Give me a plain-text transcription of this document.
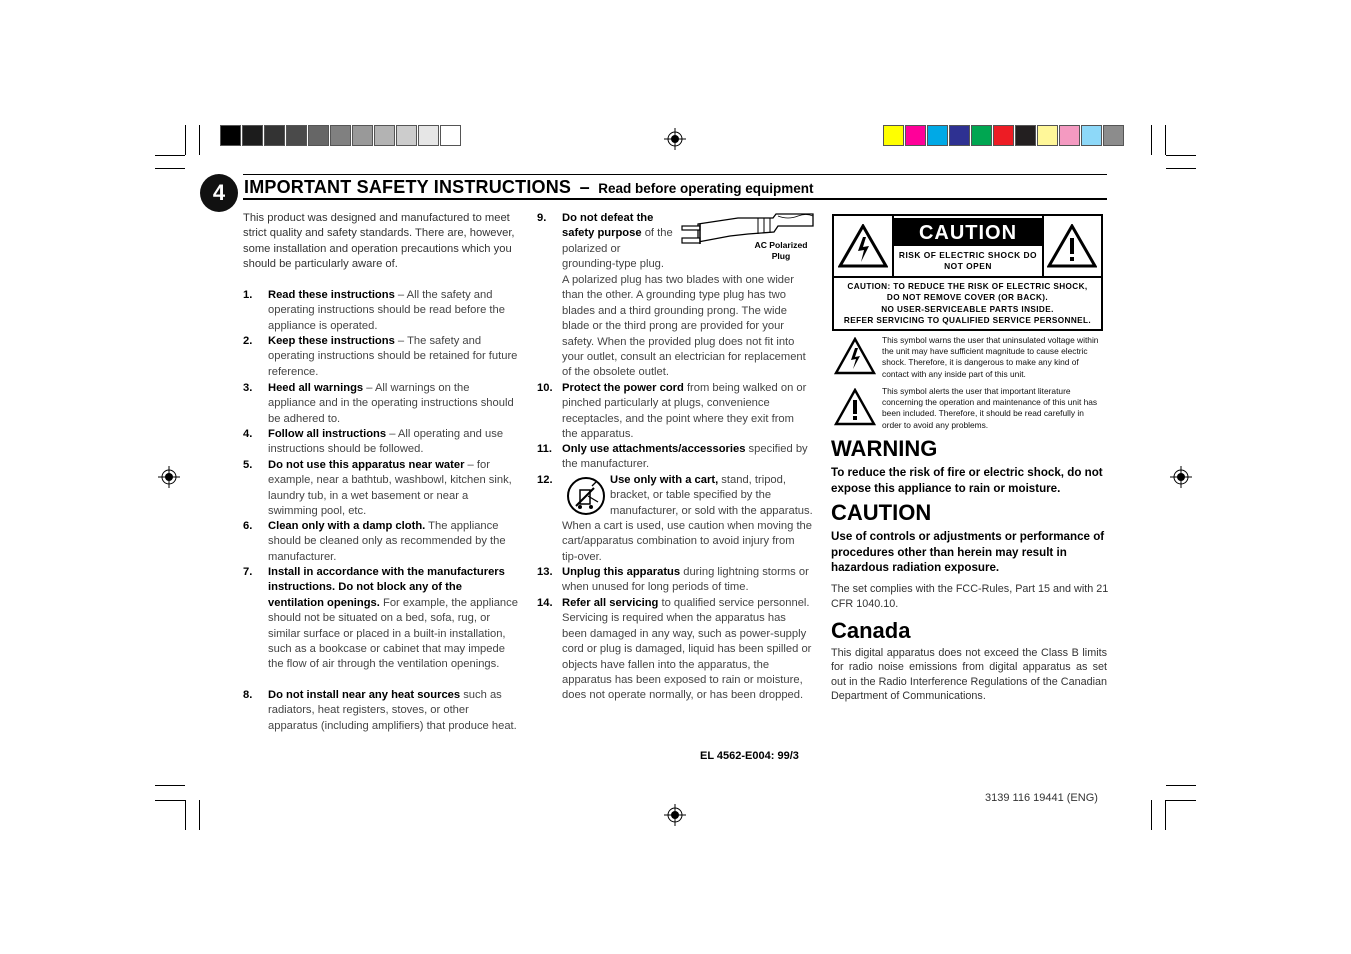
4 IMPORTANT SAFETY INSTRUCTIONS – Read before operating equipment
This product was designed and manufactured to meet strict quality and safety standards. There are, however, some installation and operation precautions which you should be particularly aware of.
1. Read these instructions – All the safety and operating instructions should be read before the appliance is operated.
2. Keep these instructions – The safety and operating instructions should be retained for future reference.
3. Heed all warnings – All warnings on the appliance and in the operating instructions should be adhered to.
4. Follow all instructions – All operating and use instructions should be followed.
5. Do not use this apparatus near water – for example, near a bathtub, washbowl, kitchen sink, laundry tub, in a wet basement or near a swimming pool, etc.
6. Clean only with a damp cloth. The appliance should be cleaned only as recommended by the manufacturer.
7. Install in accordance with the manufacturers instructions. Do not block any of the ventilation openings. For example, the appliance should not be situated on a bed, sofa, rug, or similar surface or placed in a built-in installation, such as a bookcase or cabinet that may impede the flow of air through the ventilation openings.
8. Do not install near any heat sources such as radiators, heat registers, stoves, or other apparatus (including amplifiers) that produce heat.
9. Do not defeat the safety purpose of the polarized or grounding-type plug.
A polarized plug has two blades with one wider than the other. A grounding type plug has two blades and a third grounding prong. The wide blade or the third prong are provided for your safety. When the provided plug does not fit into your outlet, consult an electrician for replacement of the obsolete outlet.
10. Protect the power cord from being walked on or pinched particularly at plugs, convenience receptacles, and the point where they exit from the apparatus.
11. Only use attachments/accessories specified by the manufacturer.
12.	Use only with a cart, stand, tripod, bracket, or table specified by the manufacturer, or sold with the apparatus.
When a cart is used, use caution when moving the cart/apparatus combination to avoid injury from tip-over.
13. Unplug this apparatus during lightning storms or when unused for long periods of time.
14. Refer all servicing to qualified service personnel. Servicing is required when the apparatus has been damaged in any way, such as power-supply cord or plug is damaged, liquid has been spilled or objects have fallen into the apparatus, the apparatus has been exposed to rain or moisture, does not operate normally, or has been dropped.
AC Polarized Plug
EL 4562-E004: 99/3
CAUTION
RISK OF ELECTRIC SHOCK DO NOT OPEN
CAUTION: TO REDUCE THE RISK OF ELECTRIC SHOCK,
DO NOT REMOVE COVER (OR BACK).
NO USER-SERVICEABLE PARTS INSIDE.
REFER SERVICING TO QUALIFIED SERVICE PERSONNEL.
This symbol warns the user that uninsulated voltage within the unit may have sufficient magnitude to cause electric shock. Therefore, it is dangerous to make any kind of contact with any inside part of this unit.
This symbol alerts the user that important literature concerning the operation and maintenance of this unit has been included. Therefore, it should be read carefully in order to avoid any problems.
WARNING
To reduce the risk of fire or electric shock, do not expose this appliance to rain or moisture.
CAUTION
Use of controls or adjustments or performance of procedures other than herein may result in hazardous radiation exposure.
The set complies with the FCC-Rules, Part 15 and with 21 CFR 1040.10.
Canada
This digital apparatus does not exceed the Class B limits for radio noise emissions from digital apparatus as set out in the Radio Interference Regulations of the Canadian Department of Communications.
3139 116 19441 (ENG)
